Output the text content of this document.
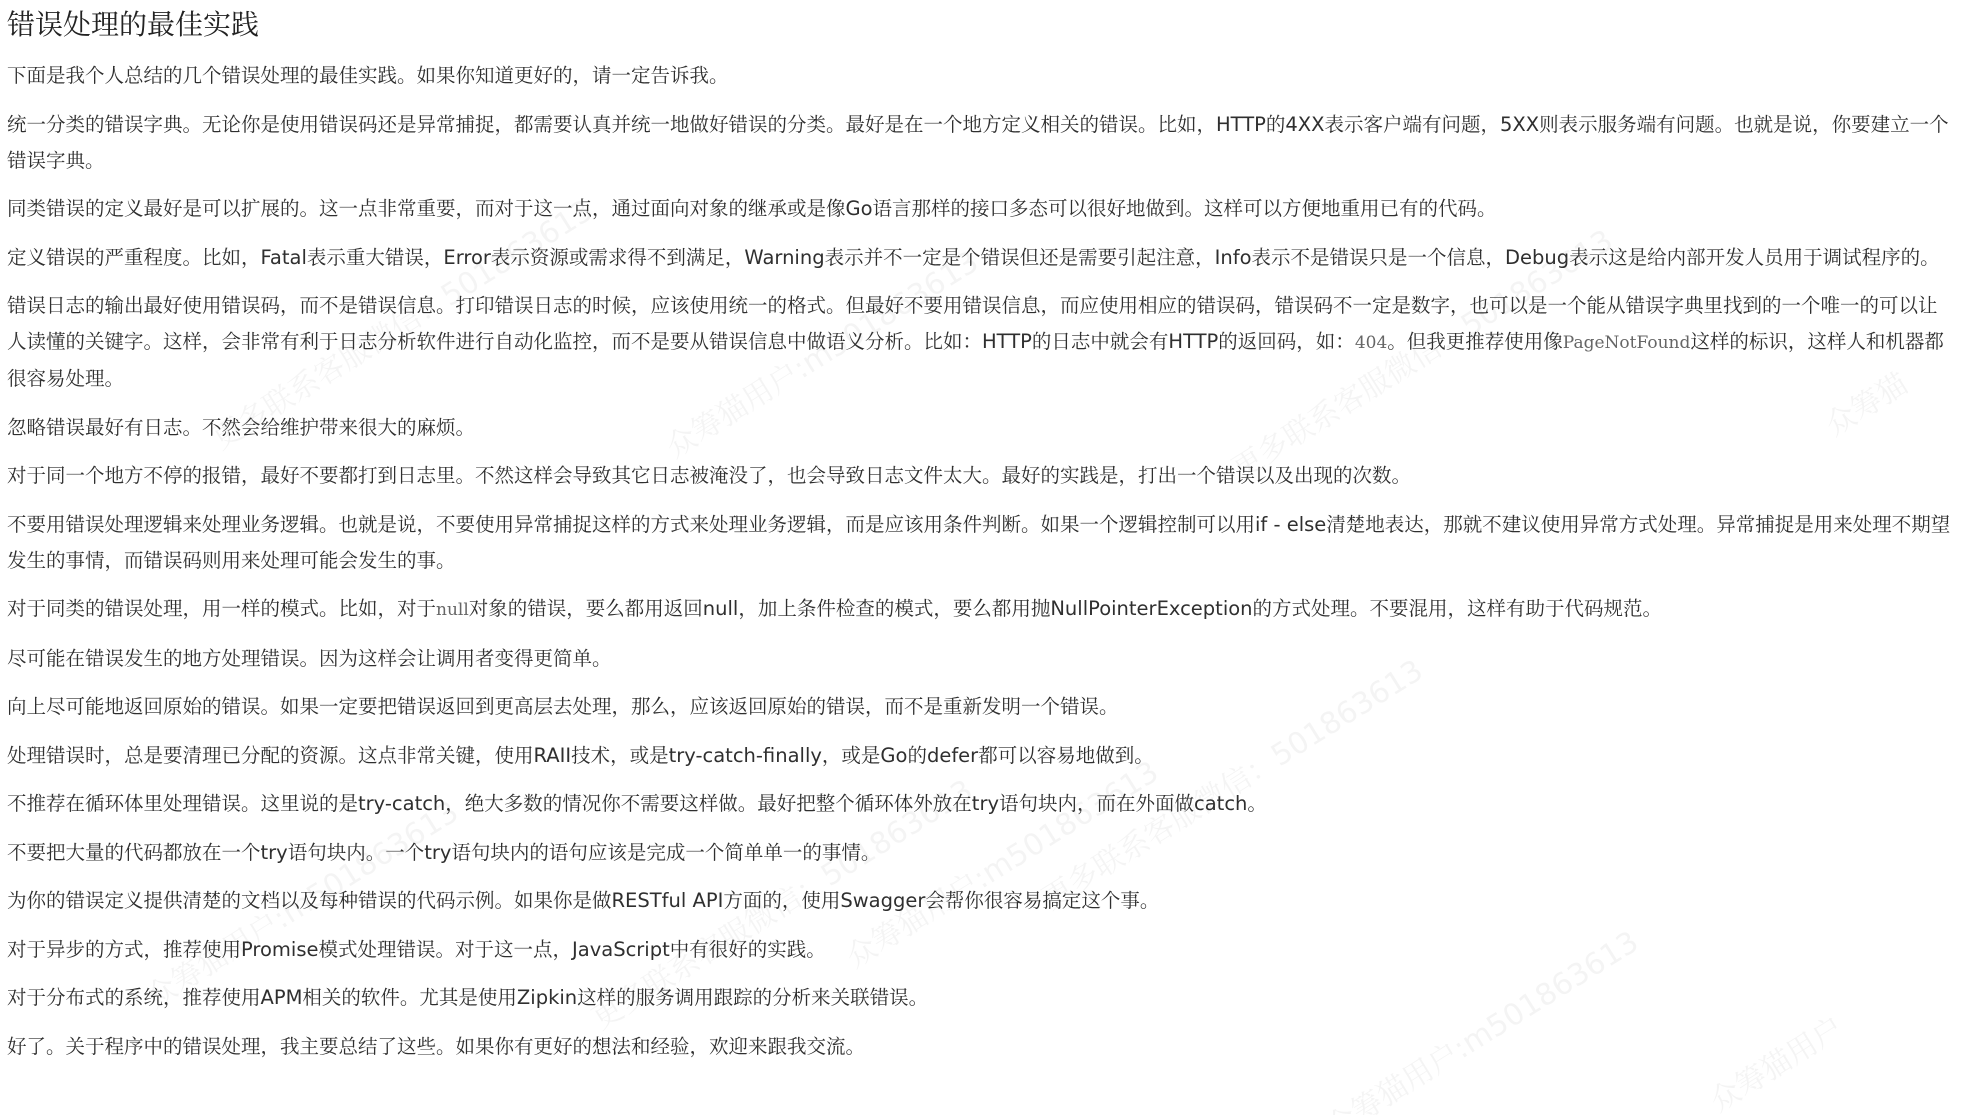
错误处理的最佳实践

下面是我个人总结的几个错误处理的最佳实践。如果你知道更好的，请一定告诉我。

统一分类的错误字典。无论你是使用错误码还是异常捕捉，都需要认真并统一地做好错误的分类。最好是在一个地方定义相关的错误。比如，HTTP的4XX表示客户端有问题，5XX则表示服务端有问题。也就是说，你要建立一个错误字典。

同类错误的定义最好是可以扩展的。这一点非常重要，而对于这一点，通过面向对象的继承或是像Go语言那样的接口多态可以很好地做到。这样可以方便地重用已有的代码。

定义错误的严重程度。比如，Fatal表示重大错误，Error表示资源或需求得不到满足，Warning表示并不一定是个错误但还是需要引起注意，Info表示不是错误只是一个信息，Debug表示这是给内部开发人员用于调试程序的。

错误日志的输出最好使用错误码，而不是错误信息。打印错误日志的时候，应该使用统一的格式。但最好不要用错误信息，而应使用相应的错误码，错误码不一定是数字，也可以是一个能从错误字典里找到的一个唯一的可以让人读懂的关键字。这样，会非常有利于日志分析软件进行自动化监控，而不是要从错误信息中做语义分析。比如：HTTP的日志中就会有HTTP的返回码，如：404。但我更推荐使用像PageNotFound这样的标识，这样人和机器都很容易处理。

忽略错误最好有日志。不然会给维护带来很大的麻烦。

对于同一个地方不停的报错，最好不要都打到日志里。不然这样会导致其它日志被淹没了，也会导致日志文件太大。最好的实践是，打出一个错误以及出现的次数。

不要用错误处理逻辑来处理业务逻辑。也就是说，不要使用异常捕捉这样的方式来处理业务逻辑，而是应该用条件判断。如果一个逻辑控制可以用if - else清楚地表达，那就不建议使用异常方式处理。异常捕捉是用来处理不期望发生的事情，而错误码则用来处理可能会发生的事。

对于同类的错误处理，用一样的模式。比如，对于null对象的错误，要么都用返回null，加上条件检查的模式，要么都用抛NullPointerException的方式处理。不要混用，这样有助于代码规范。

尽可能在错误发生的地方处理错误。因为这样会让调用者变得更简单。

向上尽可能地返回原始的错误。如果一定要把错误返回到更高层去处理，那么，应该返回原始的错误，而不是重新发明一个错误。

处理错误时，总是要清理已分配的资源。这点非常关键，使用RAII技术，或是try-catch-finally，或是Go的defer都可以容易地做到。

不推荐在循环体里处理错误。这里说的是try-catch，绝大多数的情况你不需要这样做。最好把整个循环体外放在try语句块内，而在外面做catch。

不要把大量的代码都放在一个try语句块内。一个try语句块内的语句应该是完成一个简单单一的事情。

为你的错误定义提供清楚的文档以及每种错误的代码示例。如果你是做RESTful API方面的，使用Swagger会帮你很容易搞定这个事。

对于异步的方式，推荐使用Promise模式处理错误。对于这一点，JavaScript中有很好的实践。

对于分布式的系统，推荐使用APM相关的软件。尤其是使用Zipkin这样的服务调用跟踪的分析来关联错误。

好了。关于程序中的错误处理，我主要总结了这些。如果你有更好的想法和经验，欢迎来跟我交流。
